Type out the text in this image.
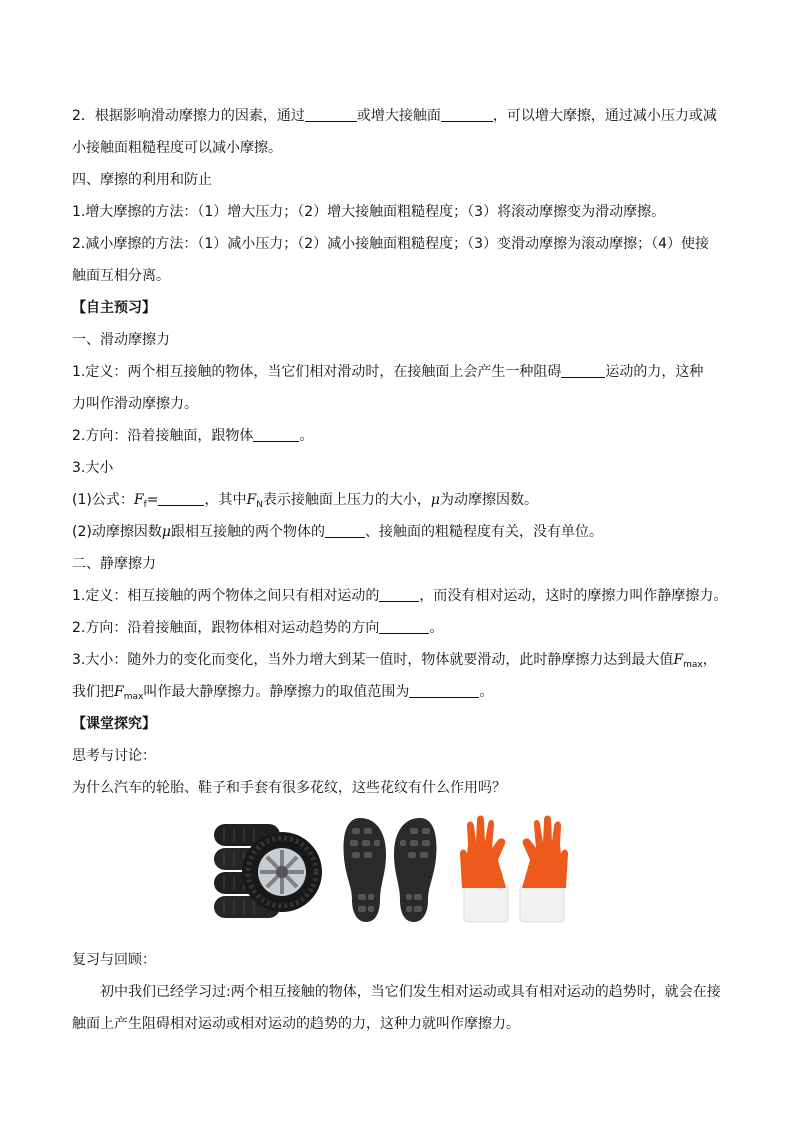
2．根据影响滑动摩擦力的因素，通过	或增大接触面	，可以增大摩擦，通过减小压力或减
小接触面粗糙程度可以减小摩擦。
四、摩擦的利用和防止
1.增大摩擦的方法：（1）增大压力；（2）增大接触面粗糙程度；（3）将滚动摩擦变为滑动摩擦。
2.减小摩擦的方法：（1）减小压力；（2）减小接触面粗糙程度；（3）变滑动摩擦为滚动摩擦；（4）使接
触面互相分离。
【自主预习】
一、滑动摩擦力
1.定义：两个相互接触的物体，当它们相对滑动时，在接触面上会产生一种阻碍	运动的力，这种
力叫作滑动摩擦力。
2.方向：沿着接触面，跟物体	。
3.大小
(1)公式：$F_f=$	，其中$F_N$表示接触面上压力的大小，μ为动摩擦因数。
(2)动摩擦因数μ跟相互接触的两个物体的	、接触面的粗糙程度有关，没有单位。
二、静摩擦力
1.定义：相互接触的两个物体之间只有相对运动的	，而没有相对运动，这时的摩擦力叫作静摩擦力。
2.方向：沿着接触面，跟物体相对运动趋势的方向	。
3.大小：随外力的变化而变化，当外力增大到某一值时，物体就要滑动，此时静摩擦力达到最大值$F_{max}$，
我们把$F_{max}$叫作最大静摩擦力。静摩擦力的取值范围为	。
【课堂探究】
思考与讨论：
为什么汽车的轮胎、鞋子和手套有很多花纹，这些花纹有什么作用吗？
复习与回顾：
初中我们已经学习过:两个相互接触的物体，当它们发生相对运动或具有相对运动的趋势时，就会在接
触面上产生阻碍相对运动或相对运动的趋势的力，这种力就叫作摩擦力。
